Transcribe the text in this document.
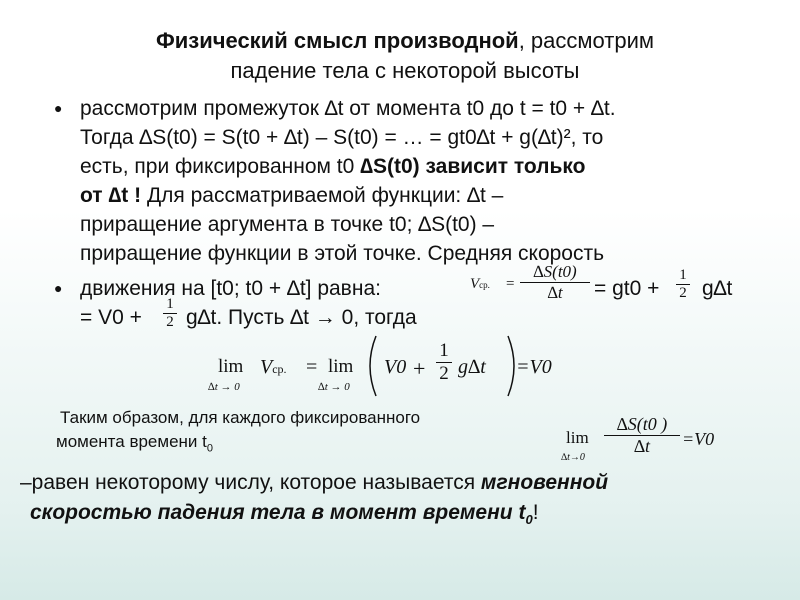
Физический смысл производной, рассмотрим
падение тела с некоторой высоты
● рассмотрим промежуток ∆t от момента t0 до t = t0 + ∆t.
Тогда ∆S(t0) = S(t0 + ∆t) – S(t0) = … = gt0∆t + g(∆t)², то
есть, при фиксированном t0 ∆S(t0) зависит только
от ∆t ! Для рассматриваемой функции: ∆t –
приращение аргумента в точке t0; ∆S(t0) –
приращение функции в этой точке. Средняя скорость
● движения на [t0; t0 + ∆t] равна:	= gt0 + g∆t
= V0 + g∆t. Пусть ∆t → 0, тогда
Vср. = $\frac{\Delta S(t0)}{\Delta t}$	$\frac{1}{2}$
$\frac{1}{2}$
lim
∆t → 0
Vср. = lim
∆t → 0
$V0 + \frac{1}{2} g\Delta t =V0$
Таким образом, для каждого фиксированного
момента времени $t_0$
lim
∆t→0
$\frac{\Delta S(t0 )}{\Delta t} =V0$
–равен некоторому числу, которое называется мгновенной
скоростью падения тела в момент времени $t_0$!
